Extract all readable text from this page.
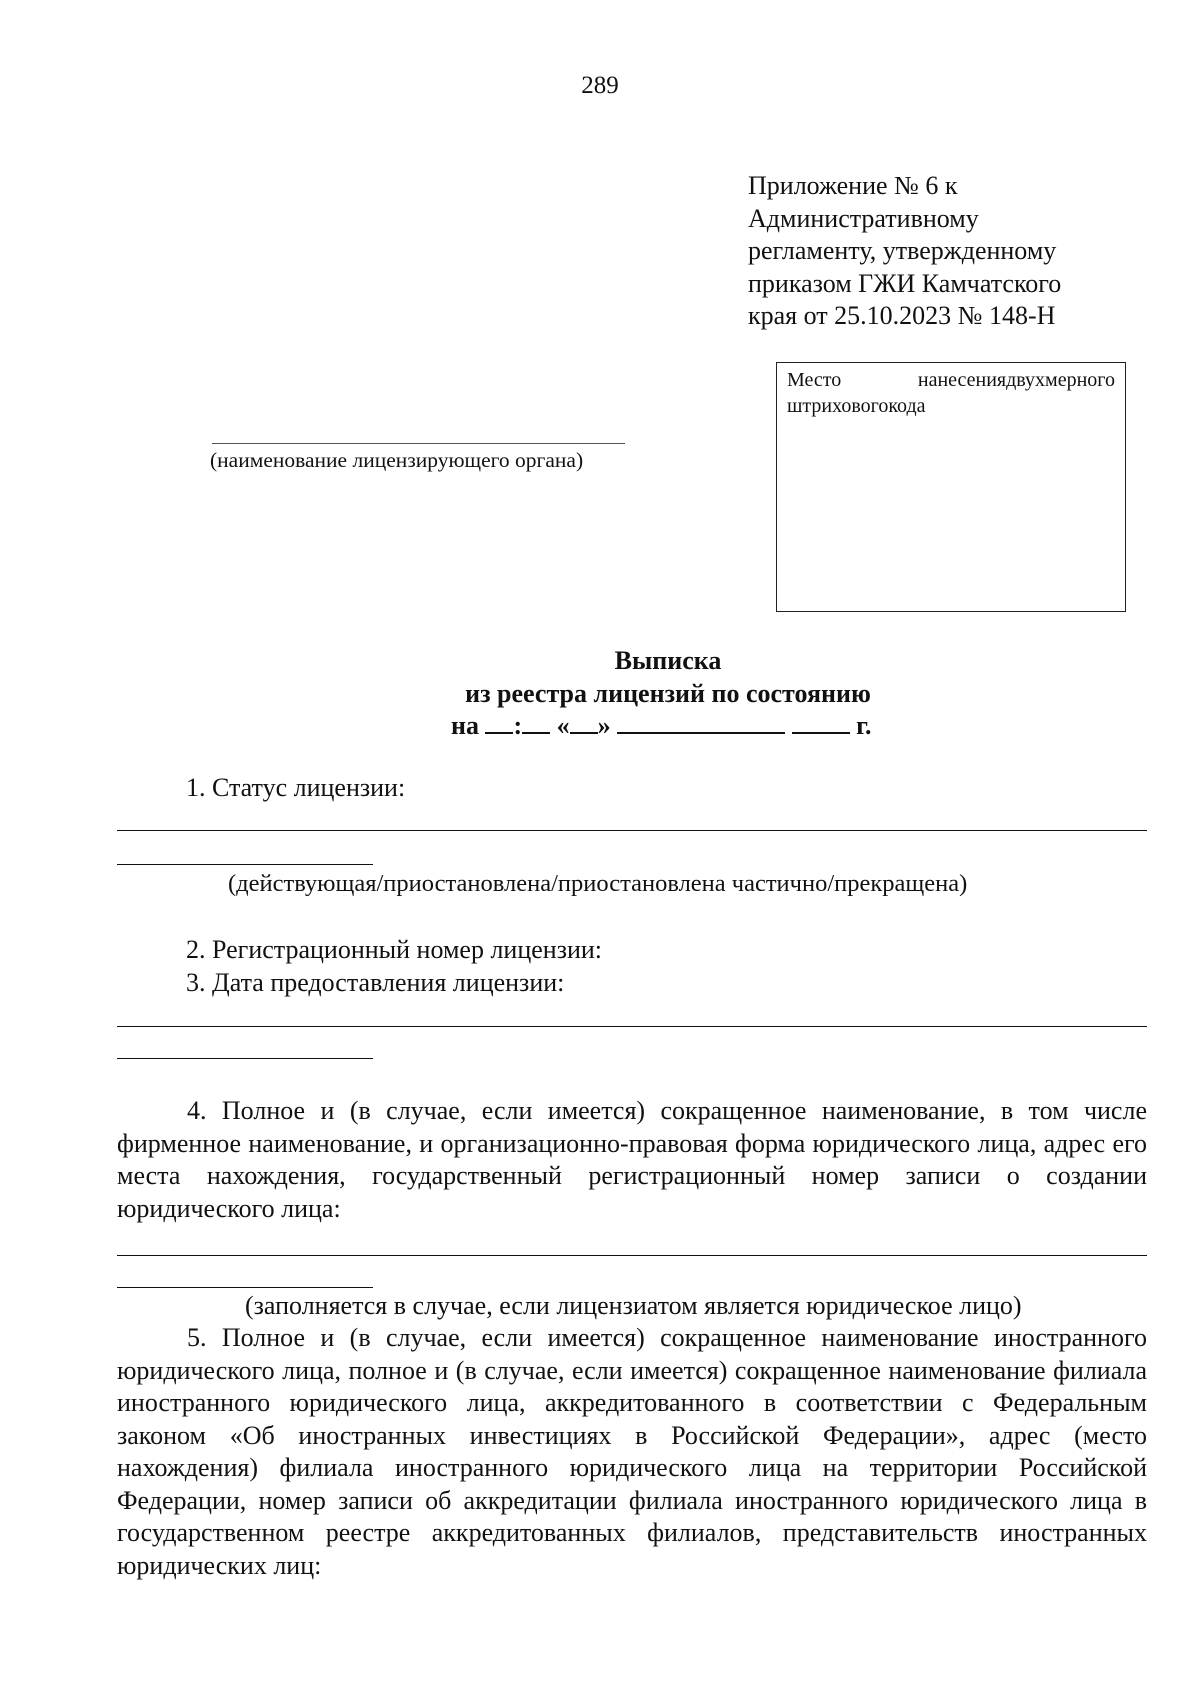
289
Приложение № 6 к
Административному
регламенту, утвержденному
приказом ГЖИ Камчатского
края от 25.10.2023 № 148-Н
Место	нанесениядвухмерного
штриховогокода
(наименование лицензирующего органа)
Выписка
из реестра лицензий по состоянию
на : « »	г.
1. Статус лицензии:
(действующая/приостановлена/приостановлена частично/прекращена)
2. Регистрационный номер лицензии:
3. Дата предоставления лицензии:

4. Полное и (в случае, если имеется) сокращенное наименование, в том числе фирменное наименование, и организационно-правовая форма юридического лица, адрес его места нахождения, государственный регистрационный номер записи о создании юридического лица:

(заполняется в случае, если лицензиатом является юридическое лицо)

5. Полное и (в случае, если имеется) сокращенное наименование иностранного юридического лица, полное и (в случае, если имеется) сокращенное наименование филиала иностранного юридического лица, аккредитованного в соответствии с Федеральным законом «Об иностранных инвестициях в Российской Федерации», адрес (место нахождения) филиала иностранного юридического лица на территории Российской Федерации, номер записи об аккредитации филиала иностранного юридического лица в государственном реестре аккредитованных филиалов, представительств иностранных юридических лиц:
